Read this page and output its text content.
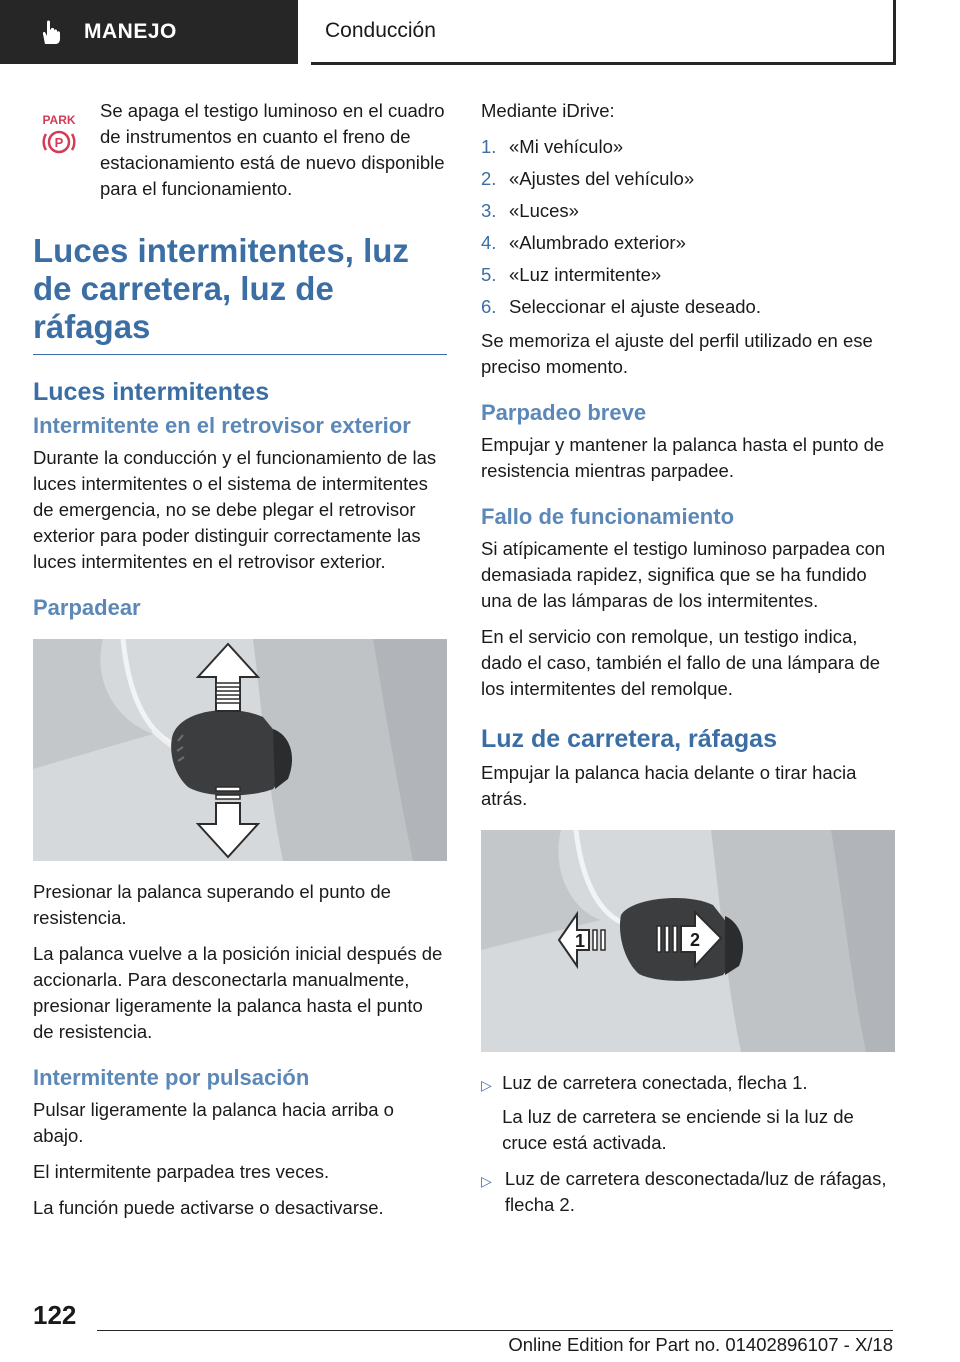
MANEJO	Conducción
PARK
P

Se apaga el testigo luminoso en el cuadro de instrumentos en cuanto el freno de estacionamiento está de nuevo disponible para el funcionamiento.

Luces intermitentes, luz de carretera, luz de ráfagas
Luces intermitentes
Intermitente en el retrovisor exterior

Durante la conducción y el funcionamiento de las luces intermitentes o el sistema de intermitentes de emergencia, no se debe plegar el retrovisor exterior para poder distinguir correctamente las luces intermitentes en el retrovisor exterior.

Parpadear

Presionar la palanca superando el punto de resistencia.

La palanca vuelve a la posición inicial después de accionarla. Para desconectarla manualmente, presionar ligeramente la palanca hasta el punto de resistencia.

Intermitente por pulsación

Pulsar ligeramente la palanca hacia arriba o abajo.

El intermitente parpadea tres veces.

La función puede activarse o desactivarse.

Mediante iDrive:

1. «Mi vehículo»
2. «Ajustes del vehículo»
3. «Luces»
4. «Alumbrado exterior»
5. «Luz intermitente»
6. Seleccionar el ajuste deseado.

Se memoriza el ajuste del perfil utilizado en ese preciso momento.

Parpadeo breve

Empujar y mantener la palanca hasta el punto de resistencia mientras parpadee.

Fallo de funcionamiento

Si atípicamente el testigo luminoso parpadea con demasiada rapidez, significa que se ha fundido una de las lámparas de los intermitentes.

En el servicio con remolque, un testigo indica, dado el caso, también el fallo de una lámpara de los intermitentes del remolque.

Luz de carretera, ráfagas

Empujar la palanca hacia delante o tirar hacia atrás.

1	2
▷ Luz de carretera conectada, flecha 1.
La luz de carretera se enciende si la luz de cruce está activada.
▷ Luz de carretera desconectada/luz de ráfagas, flecha 2.
122
Online Edition for Part no. 01402896107 - X/18
